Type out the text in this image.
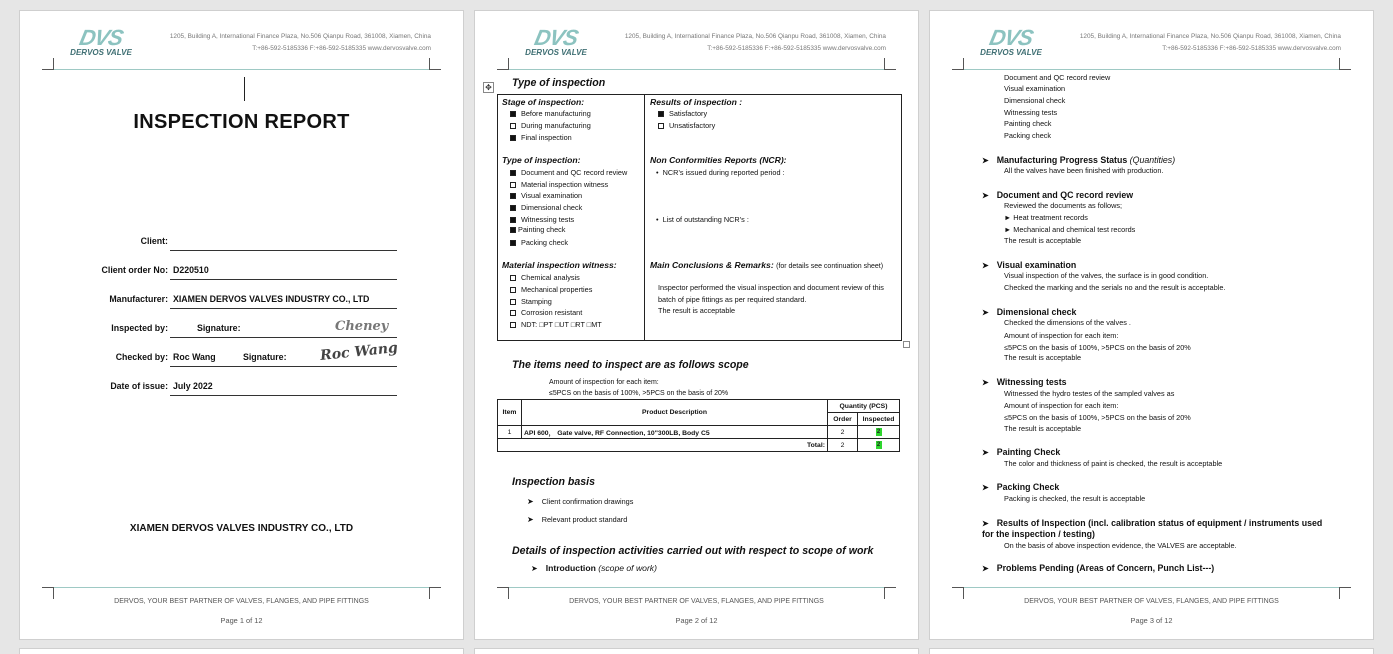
DVS
DERVOS VALVE
1205, Building A, International Finance Plaza, No.506 Qianpu Road, 361008, Xiamen, China
T:+86-592-5185336 F:+86-592-5185335 www.dervosvalve.com
INSPECTION REPORT
Client:
Client order No: D220510
Manufacturer: XIAMEN DERVOS VALVES INDUSTRY CO., LTD
Inspected by:	Signature:	Cheney
Checked by: Roc Wang	Signature: Roc Wang
Date of issue: July 2022
XIAMEN DERVOS VALVES INDUSTRY CO., LTD
DERVOS, YOUR BEST PARTNER OF VALVES, FLANGES, AND PIPE FITTINGS
Page 1 of 12
DVS
DERVOS VALVE
1205, Building A, International Finance Plaza, No.506 Qianpu Road, 361008, Xiamen, China
T:+86-592-5185336 F:+86-592-5185335 www.dervosvalve.com
✥ Type of inspection
Stage of inspection:
Before manufacturing
During manufacturing
Final inspection
Results of inspection :
Satisfactory
Unsatisfactory
Type of inspection:
Document and QC record review
Material inspection witness
Visual examination
Dimensional check
Witnessing tests
Painting check
Packing check
Non Conformities Reports (NCR):
•  NCR’s issued during reported period :
•  List of outstanding NCR’s :
Material inspection witness:
Chemical analysis
Mechanical properties
Stamping
Corrosion resistant
NDT: □PT □UT □RT □MT
Main Conclusions & Remarks: (for details see continuation sheet)
Inspector performed the visual inspection and document review of this batch of pipe fittings as per required standard.
The result is acceptable
The items need to inspect are as follows scope
Amount of inspection for each item:
≤5PCS on the basis of 100%, >5PCS on the basis of 20%
Item	Product Description	Quantity (PCS)	
		Order	Inspected
1	API 600， Gate valve, RF Connection, 10"300LB, Body C5	2	2
Total:		2	2
Inspection basis
➤ Client confirmation drawings
➤ Relevant product standard
Details of inspection activities carried out with respect to scope of work
➤ Introduction (scope of work)
DERVOS, YOUR BEST PARTNER OF VALVES, FLANGES, AND PIPE FITTINGS
Page 2 of 12
DVS
DERVOS VALVE
1205, Building A, International Finance Plaza, No.506 Qianpu Road, 361008, Xiamen, China
T:+86-592-5185336 F:+86-592-5185335 www.dervosvalve.com
Document and QC record review
Visual examination
Dimensional check
Witnessing tests
Painting check
Packing check
➤ Manufacturing Progress Status (Quantities)
All the valves have been finished with production.
➤ Document and QC record review
Reviewed the documents as follows;
► Heat treatment records
► Mechanical and chemical test records
The result is acceptable
➤ Visual examination
Visual inspection of the valves, the surface is in good condition.
Checked the marking and the serials no and the result is acceptable.
➤ Dimensional check
Checked the dimensions of the valves .
Amount of inspection for each item:
≤5PCS on the basis of 100%, >5PCS on the basis of 20%
The result is acceptable
➤ Witnessing tests
Witnessed the hydro testes of the sampled valves as
Amount of inspection for each item:
≤5PCS on the basis of 100%, >5PCS on the basis of 20%
The result is acceptable
➤ Painting Check
The color and thickness of paint is checked, the result is acceptable
➤ Packing Check
Packing is checked, the result is acceptable
➤ Results of Inspection (incl. calibration status of equipment / instruments used
for the inspection / testing)
On the basis of above inspection evidence, the VALVES are acceptable.
➤ Problems Pending (Areas of Concern, Punch List---)
DERVOS, YOUR BEST PARTNER OF VALVES, FLANGES, AND PIPE FITTINGS
Page 3 of 12
